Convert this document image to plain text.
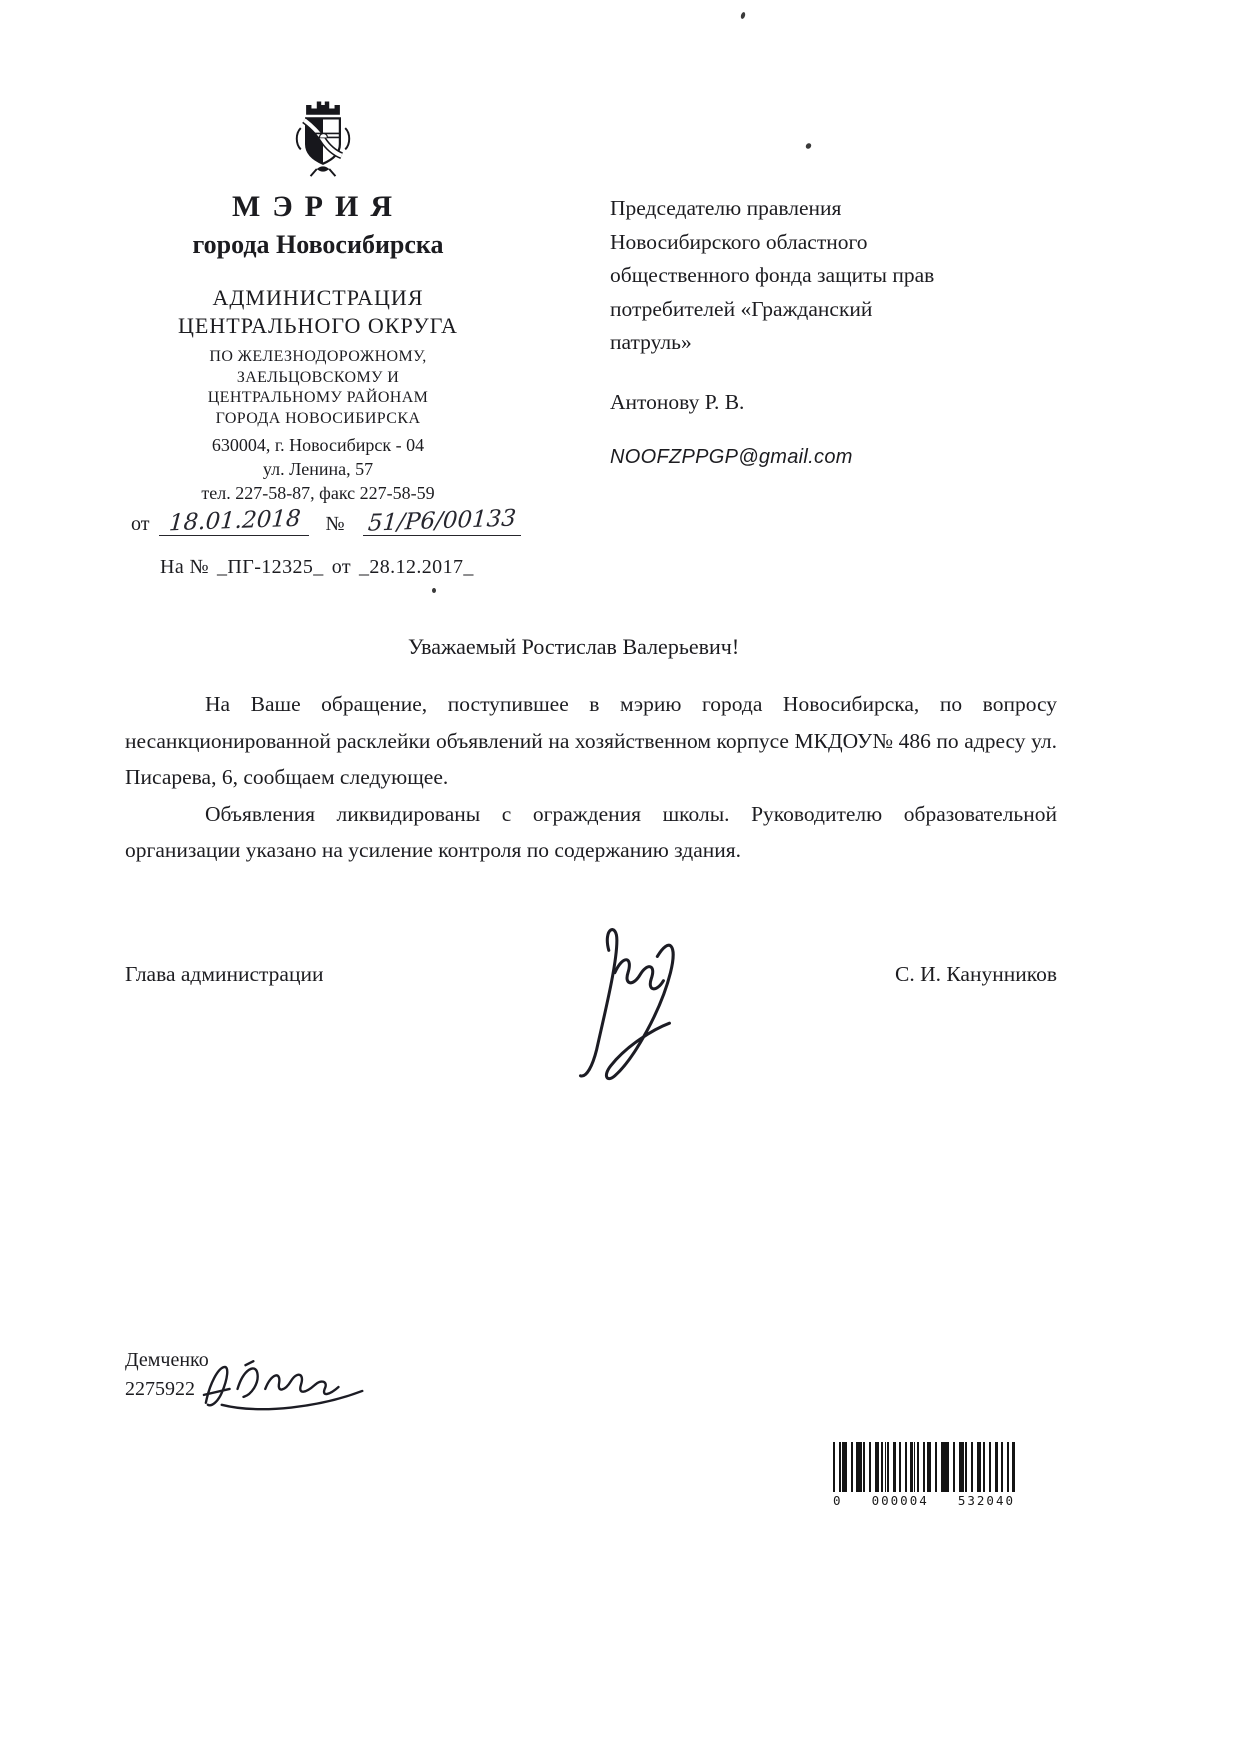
МЭРИЯ
города Новосибирска
АДМИНИСТРАЦИЯ
ЦЕНТРАЛЬНОГО ОКРУГА
ПО ЖЕЛЕЗНОДОРОЖНОМУ,
ЗАЕЛЬЦОВСКОМУ И
ЦЕНТРАЛЬНОМУ РАЙОНАМ
ГОРОДА НОВОСИБИРСКА
630004, г. Новосибирск - 04
ул. Ленина, 57
тел. 227-58-87, факс 227-58-59
Председателю правления
Новосибирского областного
общественного фонда защиты прав
потребителей «Гражданский
патруль»
Антонову Р. В.
NOOFZPPGP@gmail.com
от 18.01.2018 № 51/Р6/00133
На № _ПГ-12325_ от _28.12.2017_
Уважаемый Ростислав Валерьевич!

На Ваше обращение, поступившее в мэрию города Новосибирска, по вопросу несанкционированной расклейки объявлений на хозяйственном корпусе МКДОУ№ 486 по адресу ул. Писарева, 6, сообщаем следующее.

Объявления ликвидированы с ограждения школы. Руководителю образовательной организации указано на усиление контроля по содержанию здания.

Глава администрации	С. И. Канунников
Демченко
2275922
0 000004 532040
